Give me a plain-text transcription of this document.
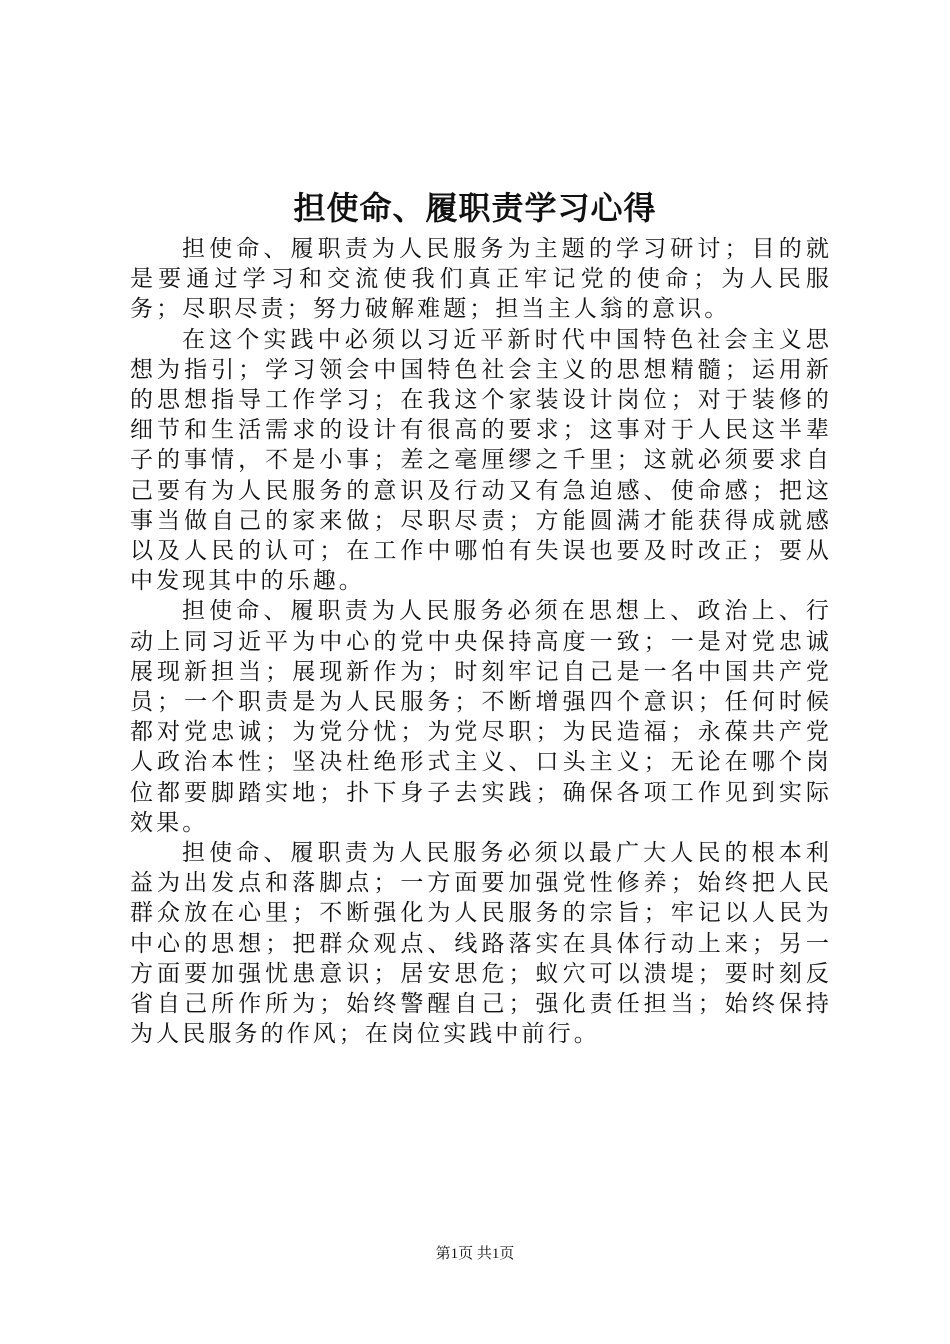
担使命、履职责学习心得

担使命、履职责为人民服务为主题的学习研讨；目的就是要通过学习和交流使我们真正牢记党的使命；为人民服务；尽职尽责；努力破解难题；担当主人翁的意识。

在这个实践中必须以习近平新时代中国特色社会主义思想为指引；学习领会中国特色社会主义的思想精髓；运用新的思想指导工作学习；在我这个家装设计岗位；对于装修的细节和生活需求的设计有很高的要求；这事对于人民这半辈子的事情，不是小事；差之毫厘缪之千里；这就必须要求自己要有为人民服务的意识及行动又有急迫感、使命感；把这事当做自己的家来做；尽职尽责；方能圆满才能获得成就感以及人民的认可；在工作中哪怕有失误也要及时改正；要从中发现其中的乐趣。

担使命、履职责为人民服务必须在思想上、政治上、行动上同习近平为中心的党中央保持高度一致；一是对党忠诚展现新担当；展现新作为；时刻牢记自己是一名中国共产党员；一个职责是为人民服务；不断增强四个意识；任何时候都对党忠诚；为党分忧；为党尽职；为民造福；永葆共产党人政治本性；坚决杜绝形式主义、口头主义；无论在哪个岗位都要脚踏实地；扑下身子去实践；确保各项工作见到实际效果。

担使命、履职责为人民服务必须以最广大人民的根本利益为出发点和落脚点；一方面要加强党性修养；始终把人民群众放在心里；不断强化为人民服务的宗旨；牢记以人民为中心的思想；把群众观点、线路落实在具体行动上来；另一方面要加强忧患意识；居安思危；蚁穴可以溃堤；要时刻反省自己所作所为；始终警醒自己；强化责任担当；始终保持为人民服务的作风；在岗位实践中前行。

第1页 共1页
